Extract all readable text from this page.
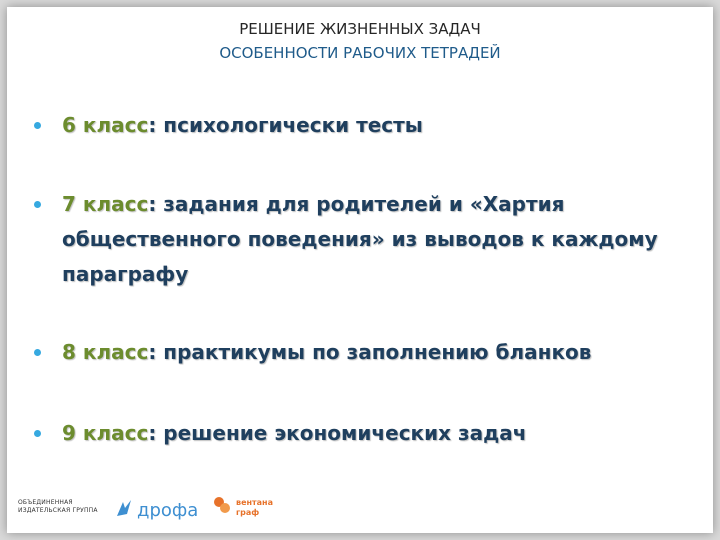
РЕШЕНИЕ ЖИЗНЕННЫХ ЗАДАЧ
ОСОБЕННОСТИ РАБОЧИХ ТЕТРАДЕЙ
6 класс: психологически тесты
7 класс: задания для родителей и «Хартия общественного поведения» из выводов к каждому параграфу
8 класс: практикумы по заполнению бланков
9 класс: решение экономических задач
ОБЪЕДИНЕННАЯ
ИЗДАТЕЛЬСКАЯ ГРУППА дрофа	вентана
граф
